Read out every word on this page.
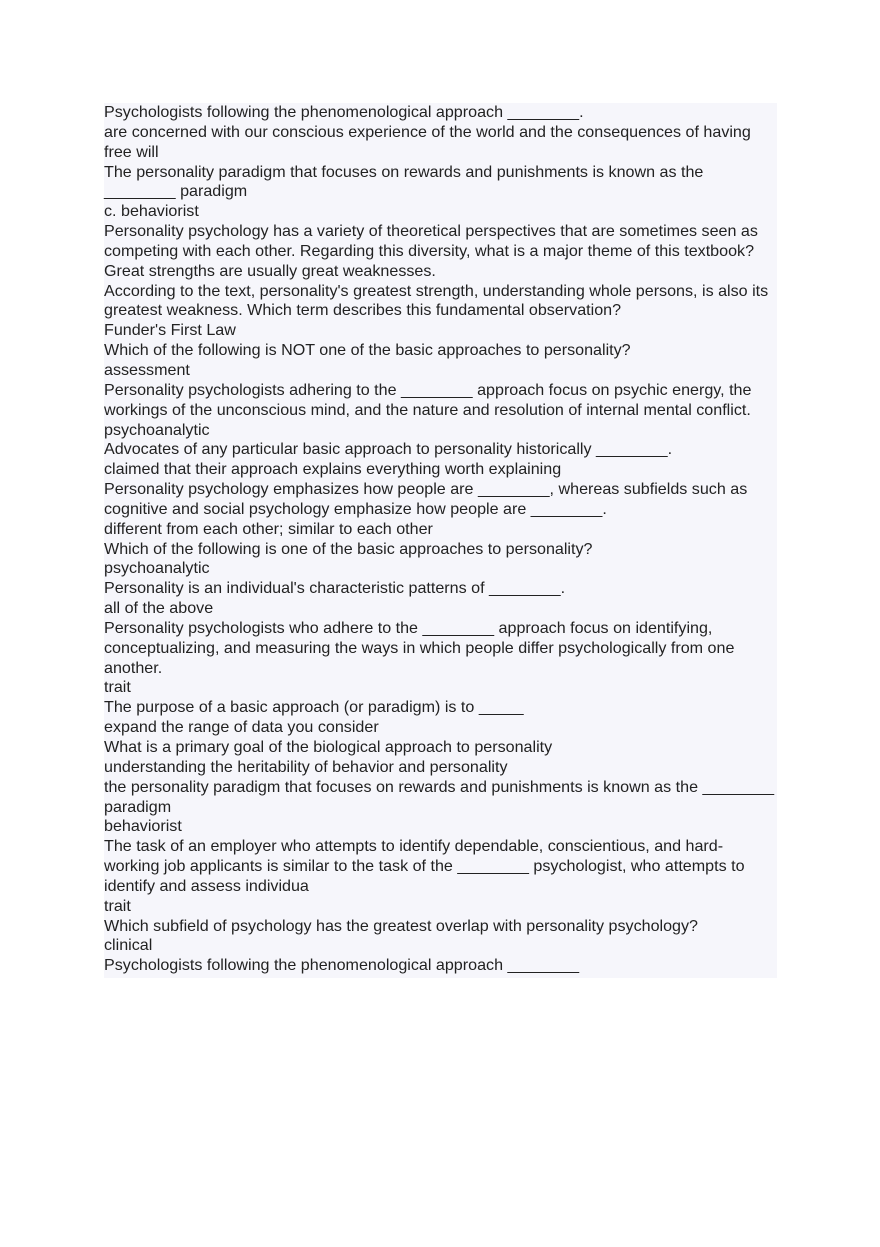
Psychologists following the phenomenological approach ________.
are concerned with our conscious experience of the world and the consequences of having free will
The personality paradigm that focuses on rewards and punishments is known as the ________ paradigm
c. behaviorist
Personality psychology has a variety of theoretical perspectives that are sometimes seen as competing with each other. Regarding this diversity, what is a major theme of this textbook?
Great strengths are usually great weaknesses.
According to the text, personality's greatest strength, understanding whole persons, is also its greatest weakness. Which term describes this fundamental observation?
Funder's First Law
Which of the following is NOT one of the basic approaches to personality?
assessment
Personality psychologists adhering to the ________ approach focus on psychic energy, the workings of the unconscious mind, and the nature and resolution of internal mental conflict.
psychoanalytic
Advocates of any particular basic approach to personality historically ________.
claimed that their approach explains everything worth explaining
Personality psychology emphasizes how people are ________, whereas subfields such as cognitive and social psychology emphasize how people are ________.
different from each other; similar to each other
Which of the following is one of the basic approaches to personality?
psychoanalytic
Personality is an individual's characteristic patterns of ________.
all of the above
Personality psychologists who adhere to the ________ approach focus on identifying, conceptualizing, and measuring the ways in which people differ psychologically from one another.
trait
The purpose of a basic approach (or paradigm) is to _____
expand the range of data you consider
What is a primary goal of the biological approach to personality
understanding the heritability of behavior and personality
the personality paradigm that focuses on rewards and punishments is known as the ________ paradigm
behaviorist
The task of an employer who attempts to identify dependable, conscientious, and hard-working job applicants is similar to the task of the ________ psychologist, who attempts to identify and assess individua
trait
Which subfield of psychology has the greatest overlap with personality psychology?
clinical
Psychologists following the phenomenological approach ________
